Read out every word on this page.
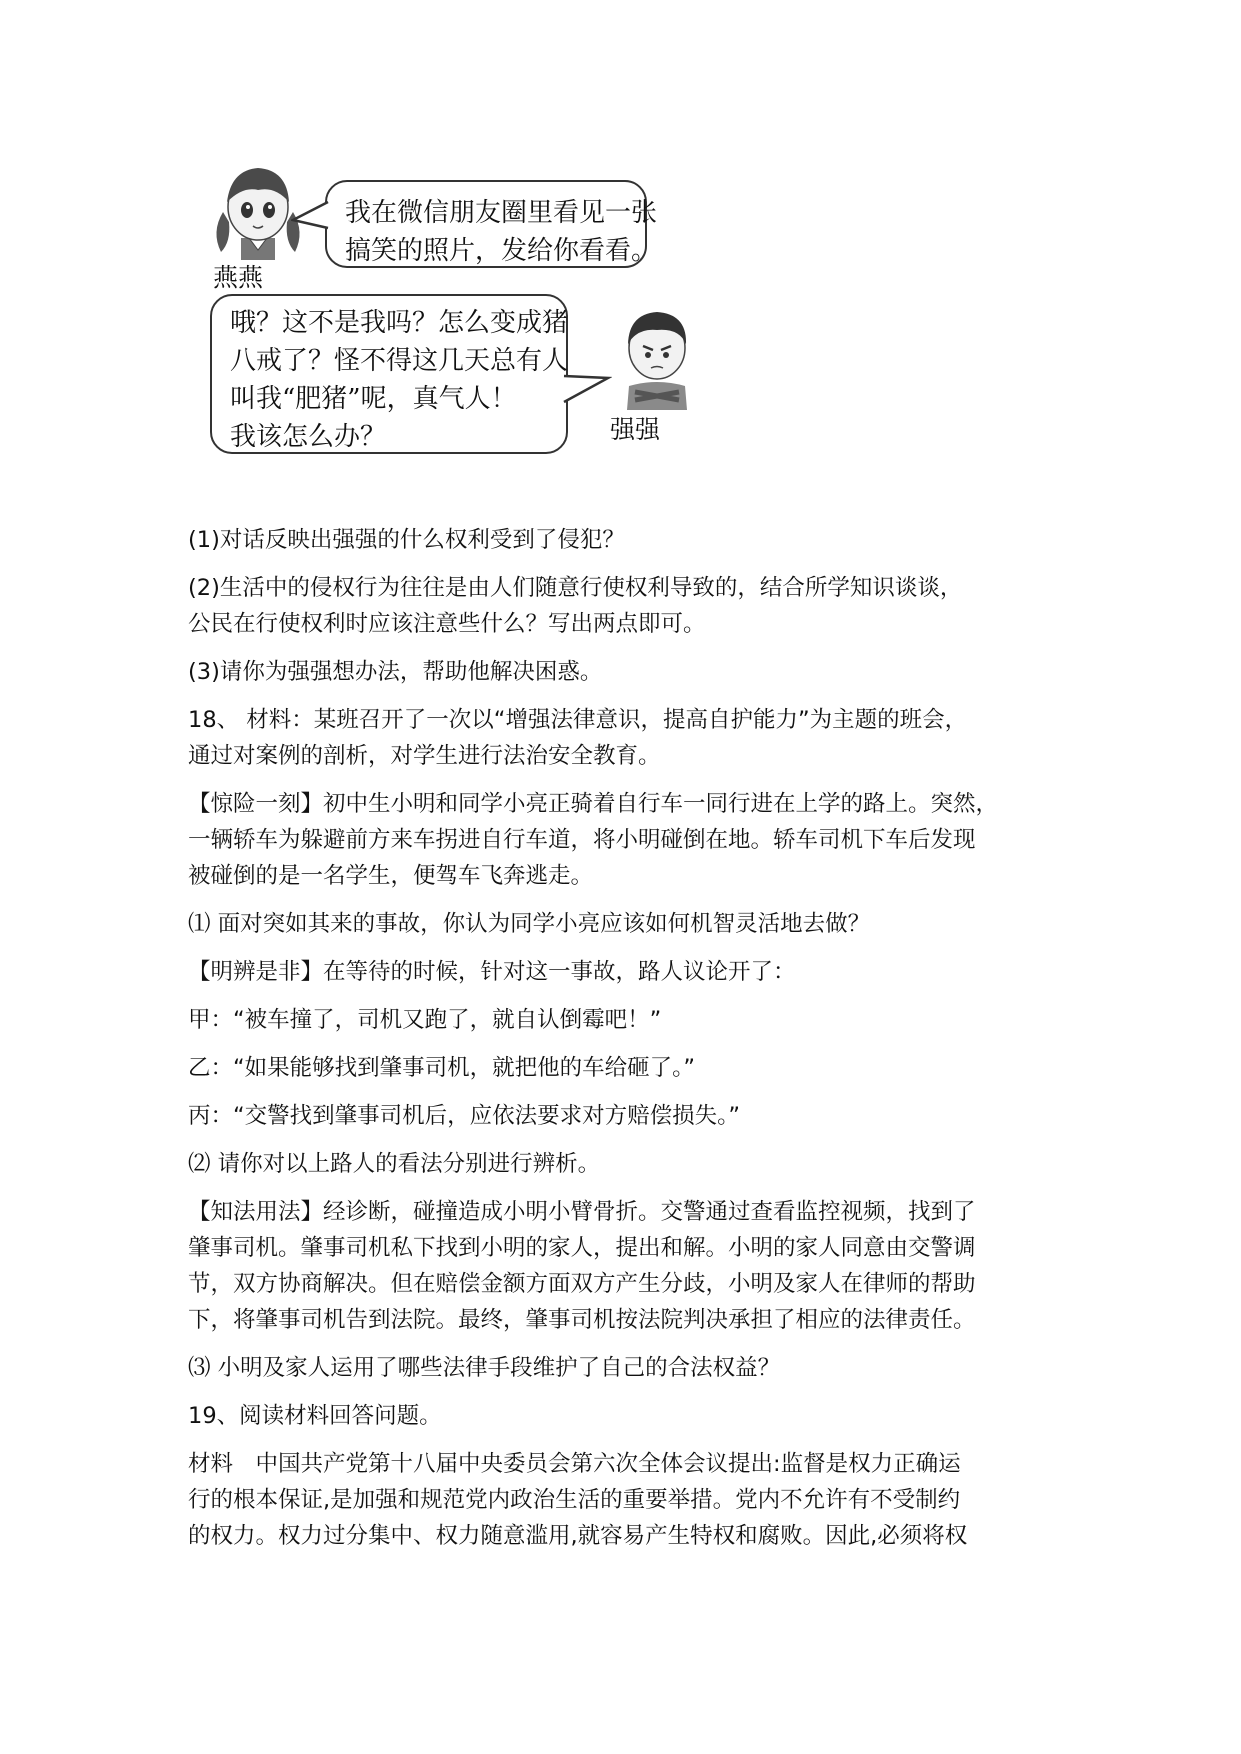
燕燕
我在微信朋友圈里看见一张
搞笑的照片，发给你看看。
哦？这不是我吗？怎么变成猪
八戒了？怪不得这几天总有人
叫我“肥猪”呢，真气人！
我该怎么办？	强强
(1)对话反映出强强的什么权利受到了侵犯？
(2)生活中的侵权行为往往是由人们随意行使权利导致的，结合所学知识谈谈，
公民在行使权利时应该注意些什么？写出两点即可。
(3)请你为强强想办法，帮助他解决困惑。
18、 材料：某班召开了一次以“增强法律意识，提高自护能力”为主题的班会，
通过对案例的剖析，对学生进行法治安全教育。
【惊险一刻】初中生小明和同学小亮正骑着自行车一同行进在上学的路上。突然，
一辆轿车为躲避前方来车拐进自行车道，将小明碰倒在地。轿车司机下车后发现
被碰倒的是一名学生，便驾车飞奔逃走。
⑴ 面对突如其来的事故，你认为同学小亮应该如何机智灵活地去做？
【明辨是非】在等待的时候，针对这一事故，路人议论开了：
甲：“被车撞了，司机又跑了，就自认倒霉吧！”
乙：“如果能够找到肇事司机，就把他的车给砸了。”
丙：“交警找到肇事司机后，应依法要求对方赔偿损失。”
⑵ 请你对以上路人的看法分别进行辨析。
【知法用法】经诊断，碰撞造成小明小臂骨折。交警通过查看监控视频，找到了
肇事司机。肇事司机私下找到小明的家人，提出和解。小明的家人同意由交警调
节，双方协商解决。但在赔偿金额方面双方产生分歧，小明及家人在律师的帮助
下，将肇事司机告到法院。最终，肇事司机按法院判决承担了相应的法律责任。
⑶ 小明及家人运用了哪些法律手段维护了自己的合法权益？
19、阅读材料回答问题。
材料　中国共产党第十八届中央委员会第六次全体会议提出:监督是权力正确运
行的根本保证,是加强和规范党内政治生活的重要举措。党内不允许有不受制约
的权力。权力过分集中、权力随意滥用,就容易产生特权和腐败。因此,必须将权
